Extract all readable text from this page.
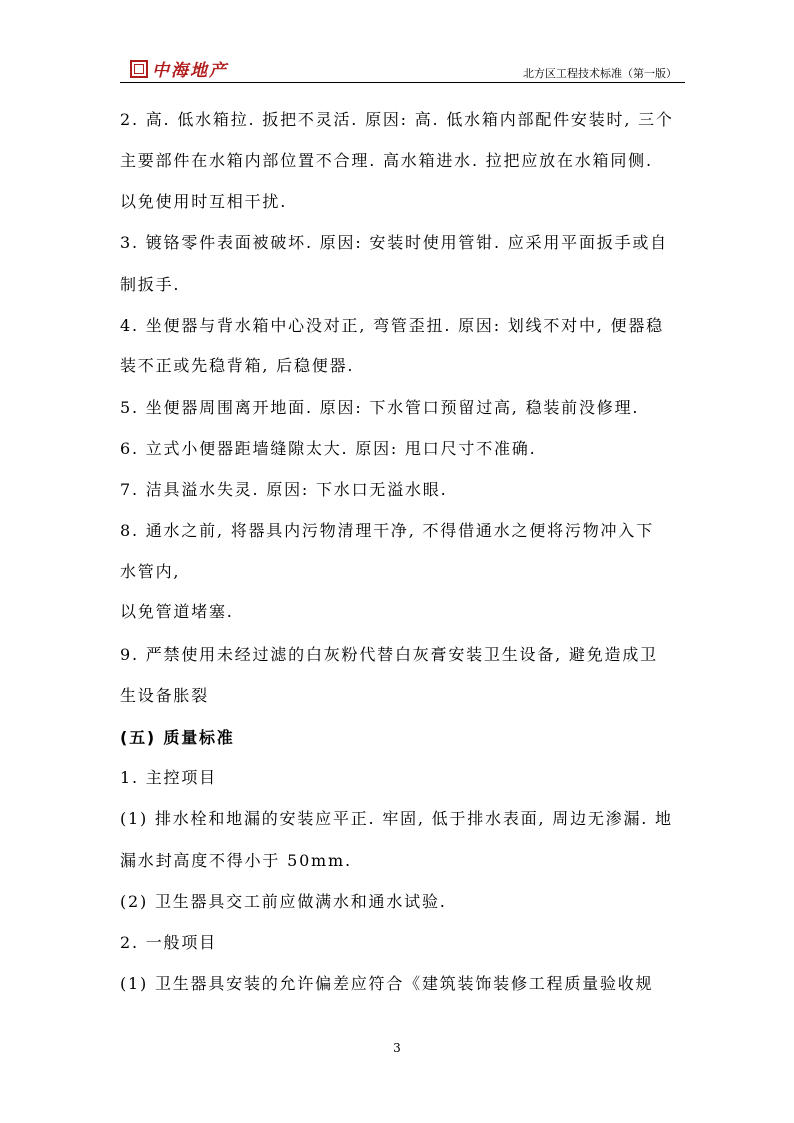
中海地产	北方区工程技术标准（第一版）
2. 高. 低水箱拉. 扳把不灵活. 原因: 高. 低水箱内部配件安装时, 三个
主要部件在水箱内部位置不合理. 高水箱进水. 拉把应放在水箱同侧.
以免使用时互相干扰.
3. 镀铬零件表面被破坏. 原因: 安装时使用管钳. 应采用平面扳手或自
制扳手.
4. 坐便器与背水箱中心没对正, 弯管歪扭. 原因: 划线不对中, 便器稳
装不正或先稳背箱, 后稳便器.
5. 坐便器周围离开地面. 原因: 下水管口预留过高, 稳装前没修理.
6. 立式小便器距墙缝隙太大. 原因: 甩口尺寸不准确.
7. 洁具溢水失灵. 原因: 下水口无溢水眼.
8. 通水之前, 将器具内污物清理干净, 不得借通水之便将污物冲入下
水管内,
以免管道堵塞.
9. 严禁使用未经过滤的白灰粉代替白灰膏安装卫生设备, 避免造成卫
生设备胀裂
(五) 质量标准
1. 主控项目
(1) 排水栓和地漏的安装应平正. 牢固, 低于排水表面, 周边无渗漏. 地
漏水封高度不得小于 50mm.
(2) 卫生器具交工前应做满水和通水试验.
2. 一般项目
(1) 卫生器具安装的允许偏差应符合《建筑装饰装修工程质量验收规
3
